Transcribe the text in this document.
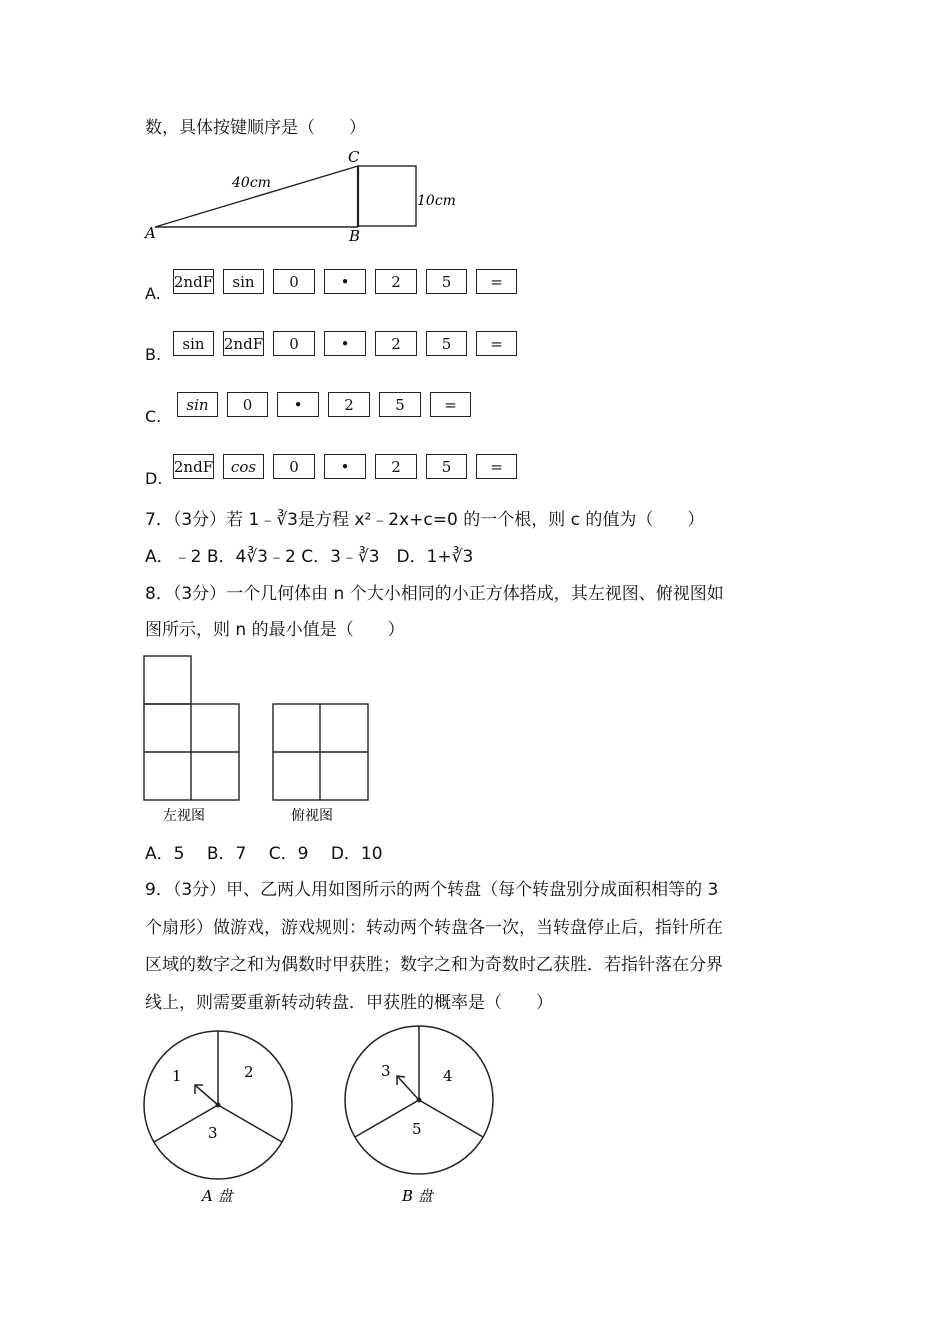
数，具体按键顺序是（　　）
A	B
C
40cm
10cm
A.
2ndF	sin	0	•	2	5	=
B.
sin	2ndF	0	•	2	5	=
C.
sin	0	•	2	5	=
D.
2ndF	cos	0	•	2	5	=
7．（3分）若 1﹣∛3是方程 x²﹣2x+c=0 的一个根，则 c 的值为（　　）
A．﹣2 B．4∛3﹣2 C．3﹣∛3　D．1+∛3
8．（3分）一个几何体由 n 个大小相同的小正方体搭成，其左视图、俯视图如
图所示，则 n 的最小值是（　　）
左视图	俯视图
A．5　 B．7　 C．9　 D．10
9．（3分）甲、乙两人用如图所示的两个转盘（每个转盘别分成面积相等的 3
个扇形）做游戏，游戏规则：转动两个转盘各一次，当转盘停止后，指针所在
区域的数字之和为偶数时甲获胜；数字之和为奇数时乙获胜．若指针落在分界
线上，则需要重新转动转盘．甲获胜的概率是（　　）
1	2
3
A 盘
3	4
5
B 盘
